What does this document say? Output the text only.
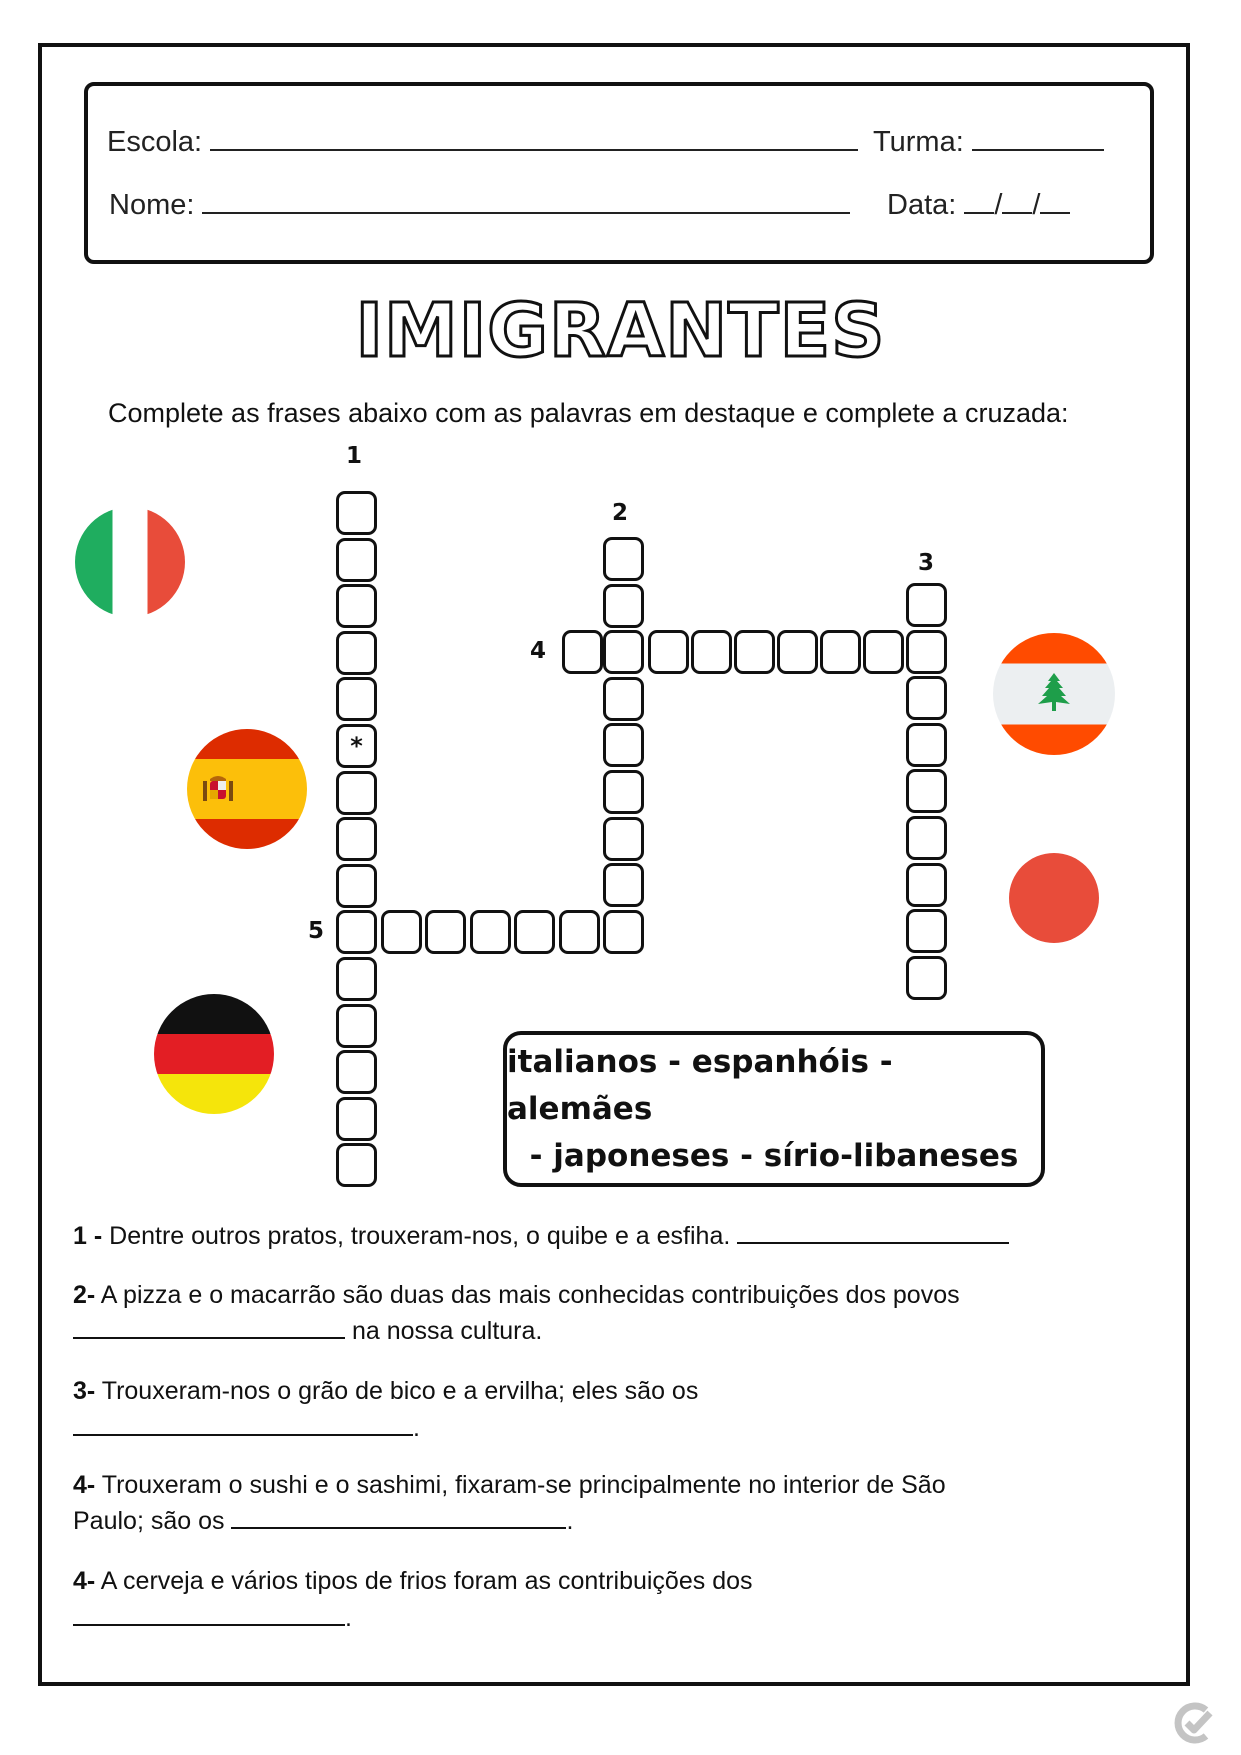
Escola:	Turma:
Nome:	Data: / /
IMIGRANTES
Complete as frases abaixo com as palavras em destaque e complete a cruzada:
1
2
3
4
5
*
italianos - espanhóis - alemães
- japoneses - sírio-libaneses
1 - Dentre outros pratos, trouxeram-nos, o quibe e a esfiha.
2- A pizza e o macarrão são duas das mais conhecidas contribuições dos povos
na nossa cultura.
3- Trouxeram-nos o grão de bico e a ervilha; eles são os
.
4- Trouxeram o sushi e o sashimi, fixaram-se principalmente no interior de São
Paulo; são os	.
4- A cerveja e vários tipos de frios foram as contribuições dos
.
